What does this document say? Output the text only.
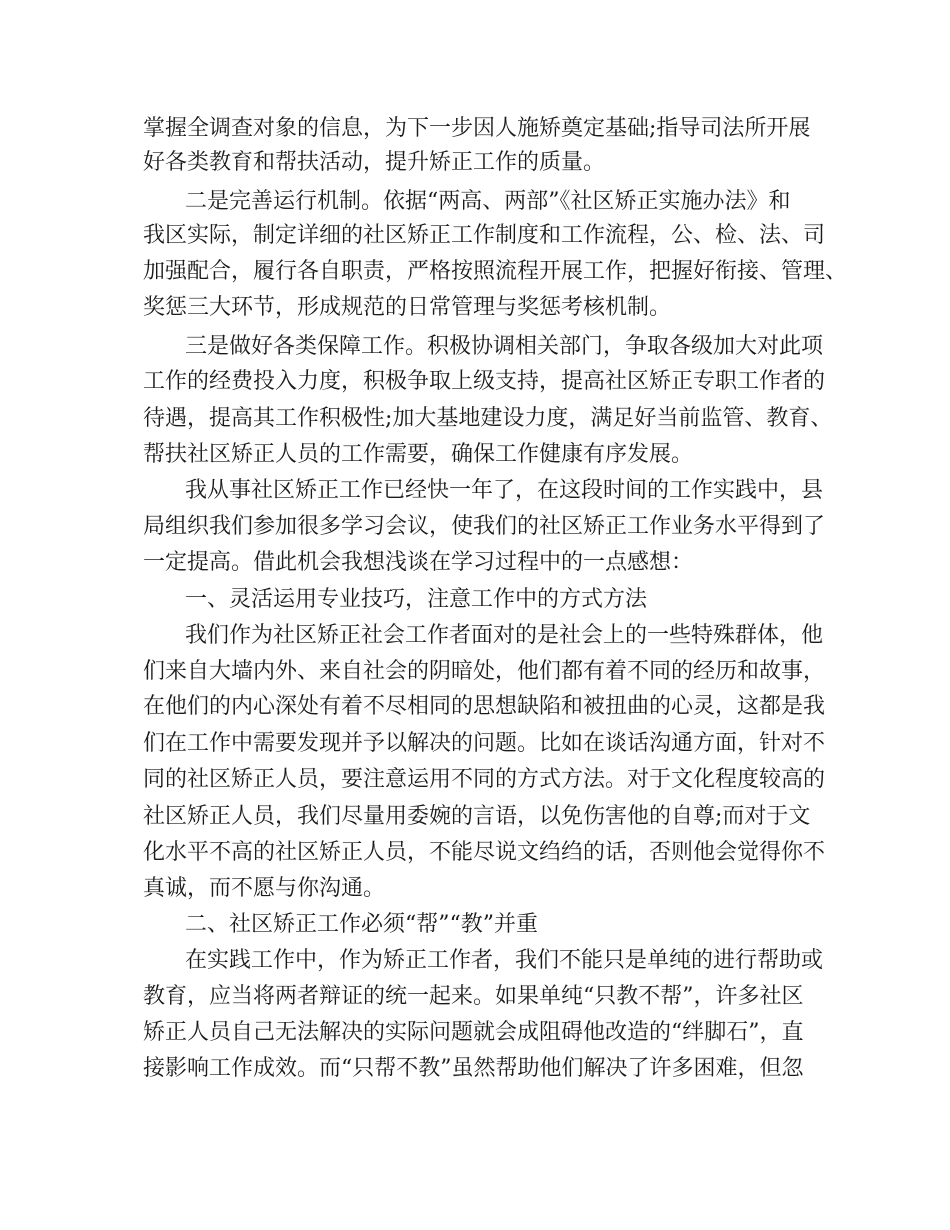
掌握全调查对象的信息，为下一步因人施矫奠定基础;指导司法所开展
好各类教育和帮扶活动，提升矫正工作的质量。
二是完善运行机制。依据“两高、两部”《社区矫正实施办法》和
我区实际，制定详细的社区矫正工作制度和工作流程，公、检、法、司
加强配合，履行各自职责，严格按照流程开展工作，把握好衔接、管理、
奖惩三大环节，形成规范的日常管理与奖惩考核机制。
三是做好各类保障工作。积极协调相关部门，争取各级加大对此项
工作的经费投入力度，积极争取上级支持，提高社区矫正专职工作者的
待遇，提高其工作积极性;加大基地建设力度，满足好当前监管、教育、
帮扶社区矫正人员的工作需要，确保工作健康有序发展。
我从事社区矫正工作已经快一年了，在这段时间的工作实践中，县
局组织我们参加很多学习会议，使我们的社区矫正工作业务水平得到了
一定提高。借此机会我想浅谈在学习过程中的一点感想：
一、灵活运用专业技巧，注意工作中的方式方法
我们作为社区矫正社会工作者面对的是社会上的一些特殊群体，他
们来自大墙内外、来自社会的阴暗处，他们都有着不同的经历和故事，
在他们的内心深处有着不尽相同的思想缺陷和被扭曲的心灵，这都是我
们在工作中需要发现并予以解决的问题。比如在谈话沟通方面，针对不
同的社区矫正人员，要注意运用不同的方式方法。对于文化程度较高的
社区矫正人员，我们尽量用委婉的言语，以免伤害他的自尊;而对于文
化水平不高的社区矫正人员，不能尽说文绉绉的话，否则他会觉得你不
真诚，而不愿与你沟通。
二、社区矫正工作必须“帮”“教”并重
在实践工作中，作为矫正工作者，我们不能只是单纯的进行帮助或
教育，应当将两者辩证的统一起来。如果单纯“只教不帮”，许多社区
矫正人员自己无法解决的实际问题就会成阻碍他改造的“绊脚石”，直
接影响工作成效。而“只帮不教”虽然帮助他们解决了许多困难，但忽
